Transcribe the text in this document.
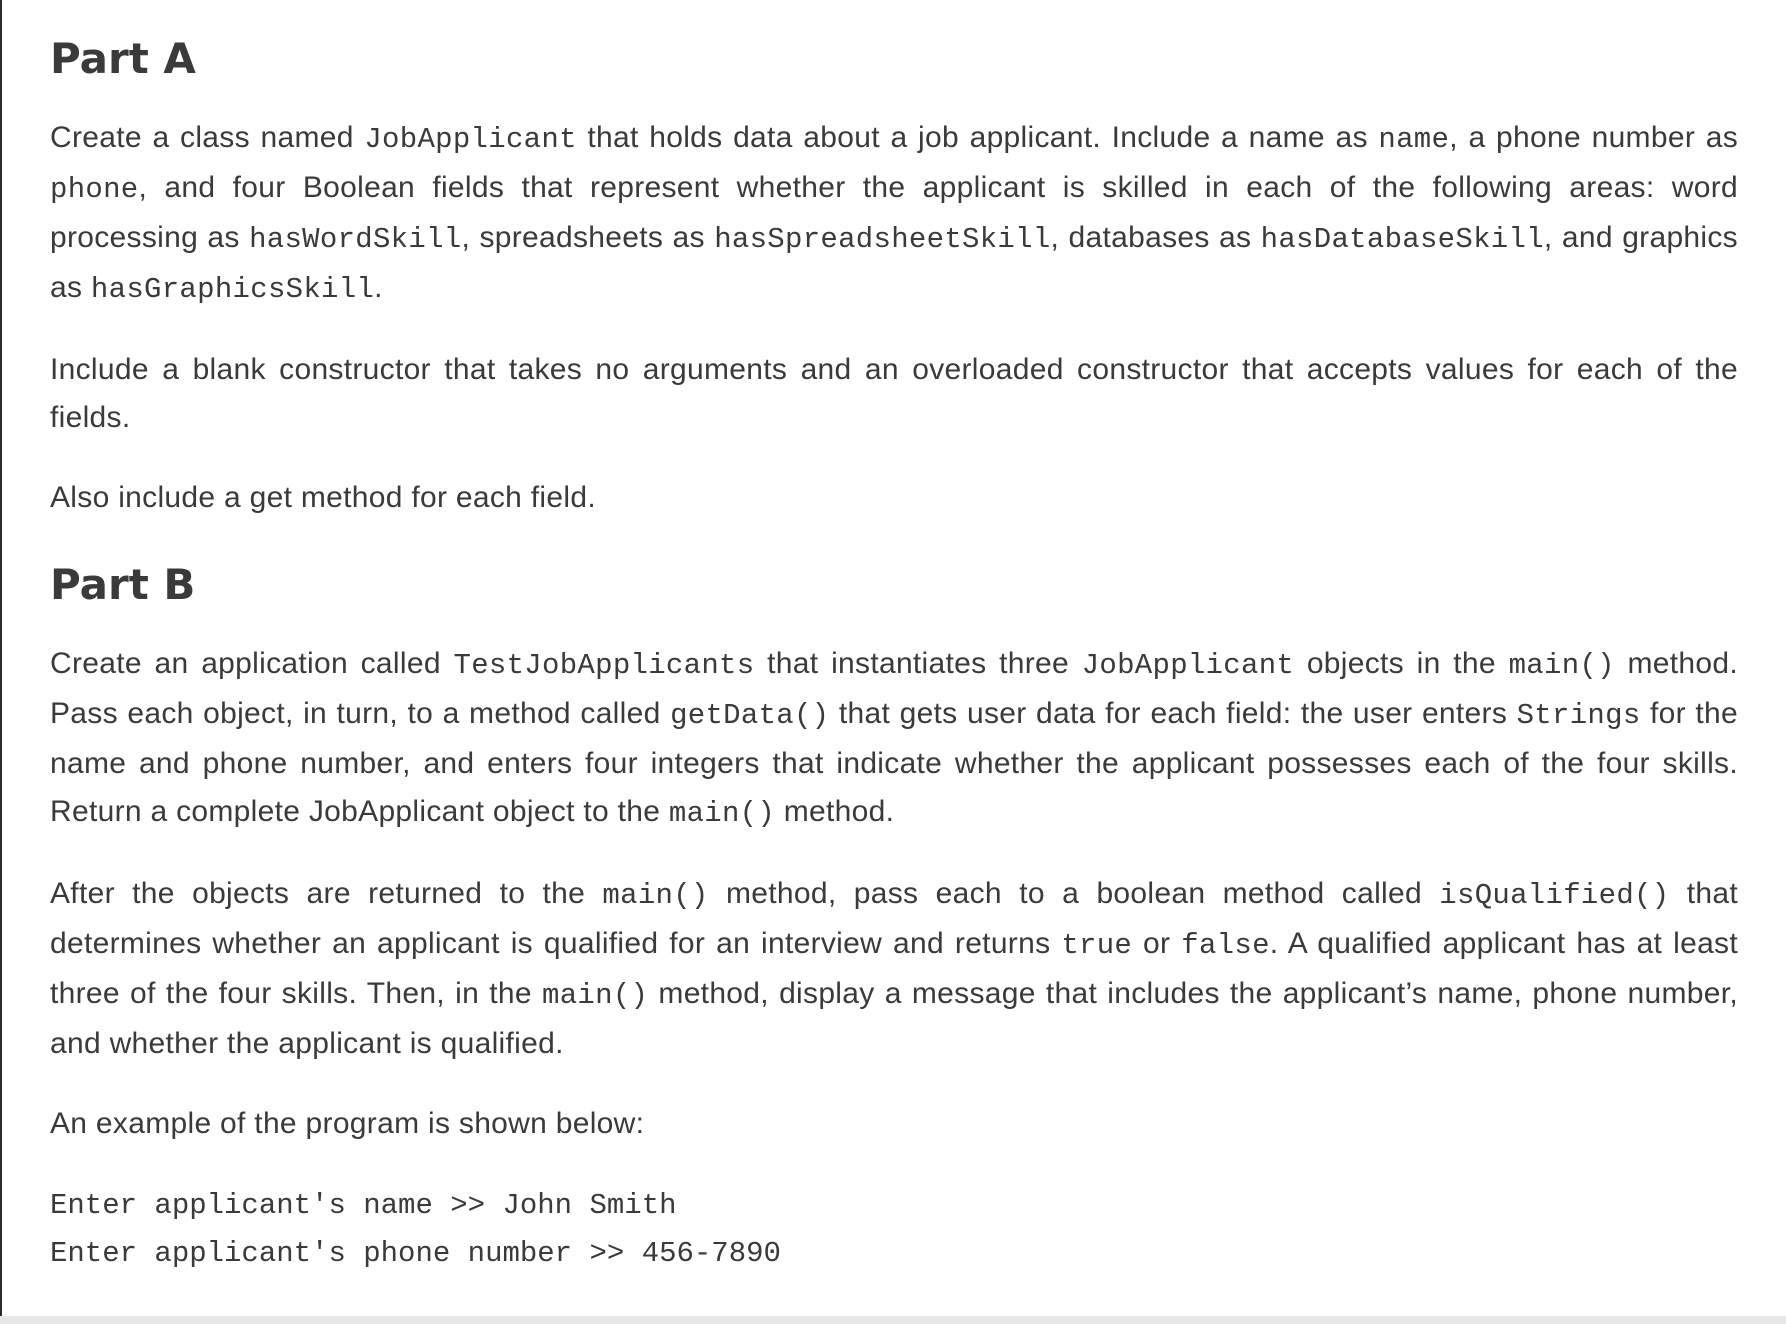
Part A

Create a class named JobApplicant that holds data about a job applicant. Include a name as name, a phone number as phone, and four Boolean fields that represent whether the applicant is skilled in each of the following areas: word processing as hasWordSkill, spreadsheets as hasSpreadsheetSkill, databases as hasDatabaseSkill, and graphics as hasGraphicsSkill.

Include a blank constructor that takes no arguments and an overloaded constructor that accepts values for each of the fields.

Also include a get method for each field.

Part B

Create an application called TestJobApplicants that instantiates three JobApplicant objects in the main() method. Pass each object, in turn, to a method called getData() that gets user data for each field: the user enters Strings for the name and phone number, and enters four integers that indicate whether the applicant possesses each of the four skills. Return a complete JobApplicant object to the main() method.

After the objects are returned to the main() method, pass each to a boolean method called isQualified() that determines whether an applicant is qualified for an interview and returns true or false. A qualified applicant has at least three of the four skills. Then, in the main() method, display a message that includes the applicant’s name, phone number, and whether the applicant is qualified.

An example of the program is shown below:

Enter applicant's name >> John Smith
Enter applicant's phone number >> 456-7890
